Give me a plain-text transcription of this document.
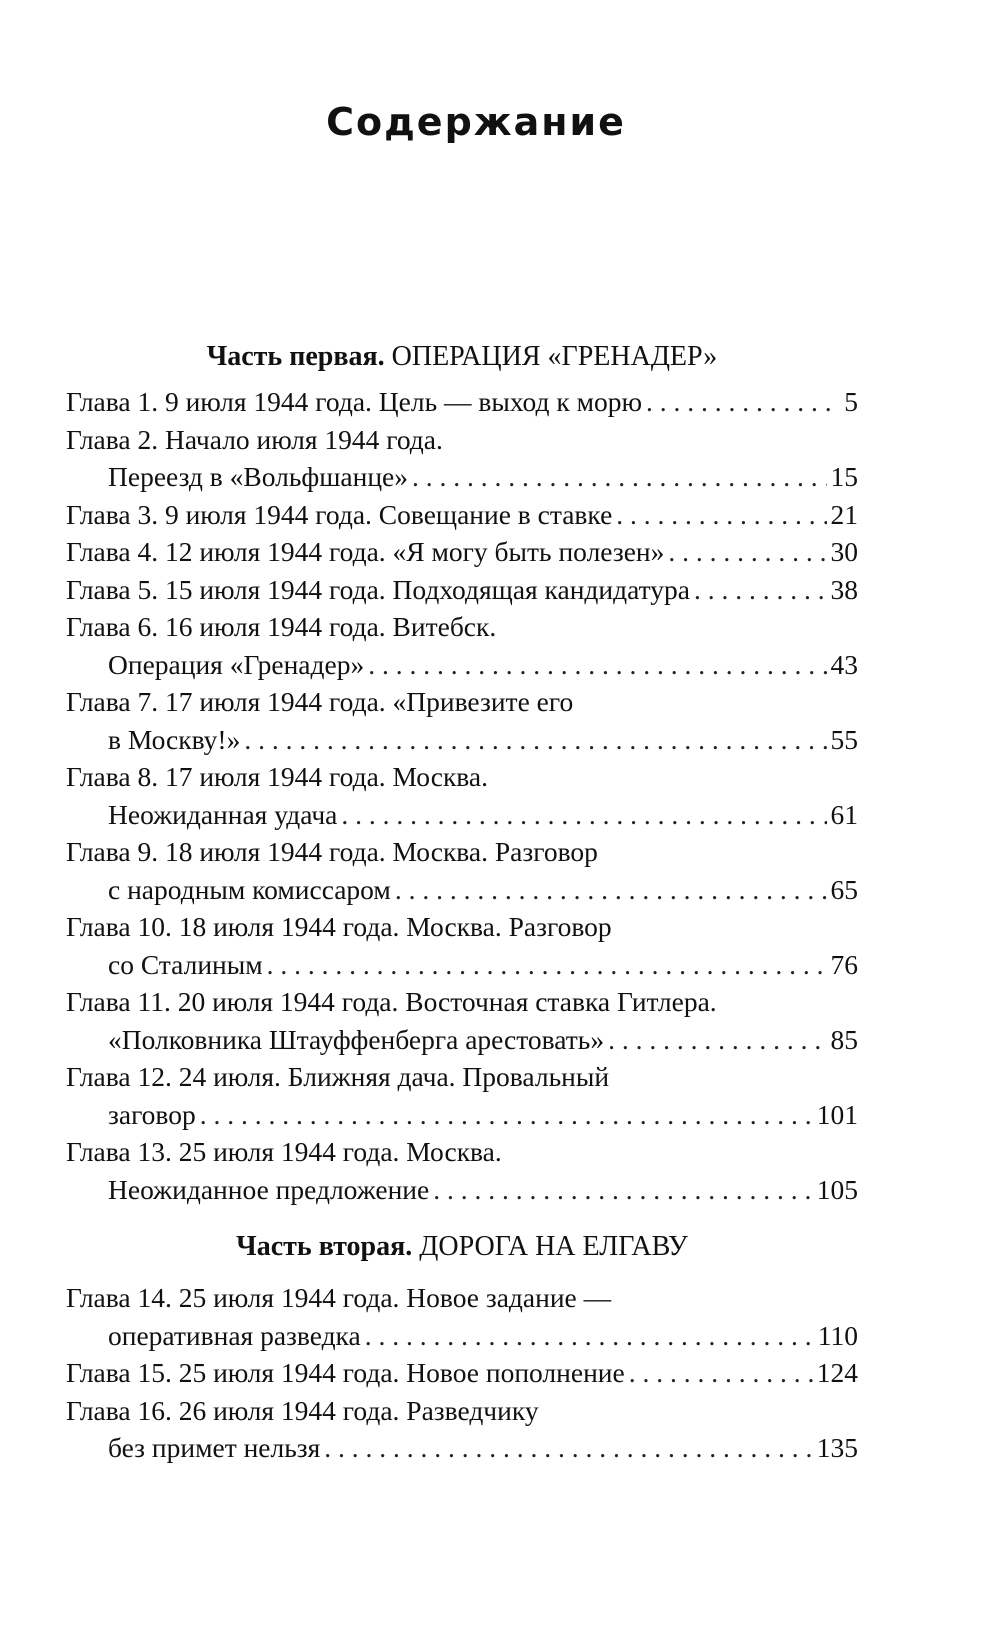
Содержание
Часть первая. ОПЕРАЦИЯ «ГРЕНАДЕР»
Глава 1. 9 июля 1944 года. Цель — выход к морю . . .	5
Глава 2. Начало июля 1944 года.
Переезд в «Вольфшанце» . . .	15
Глава 3. 9 июля 1944 года. Совещание в ставке . . .	21
Глава 4. 12 июля 1944 года. «Я могу быть полезен» . . .	30
Глава 5. 15 июля 1944 года. Подходящая кандидатура . . .	38
Глава 6. 16 июля 1944 года. Витебск.
Операция «Гренадер» . . .	43
Глава 7. 17 июля 1944 года. «Привезите его
в Москву!» . . .	55
Глава 8. 17 июля 1944 года. Москва.
Неожиданная удача . . .	61
Глава 9. 18 июля 1944 года. Москва. Разговор
с народным комиссаром . . .	65
Глава 10. 18 июля 1944 года. Москва. Разговор
со Сталиным . . .	76
Глава 11. 20 июля 1944 года. Восточная ставка Гитлера.
«Полковника Штауффенберга арестовать» . . .	85
Глава 12. 24 июля. Ближняя дача. Провальный
заговор . . .	101
Глава 13. 25 июля 1944 года. Москва.
Неожиданное предложение . . .	105
Часть вторая. ДОРОГА НА ЕЛГАВУ
Глава 14. 25 июля 1944 года. Новое задание —
оперативная разведка . . .	110
Глава 15. 25 июля 1944 года. Новое пополнение . . .	124
Глава 16. 26 июля 1944 года. Разведчику
без примет нельзя . . .	135
